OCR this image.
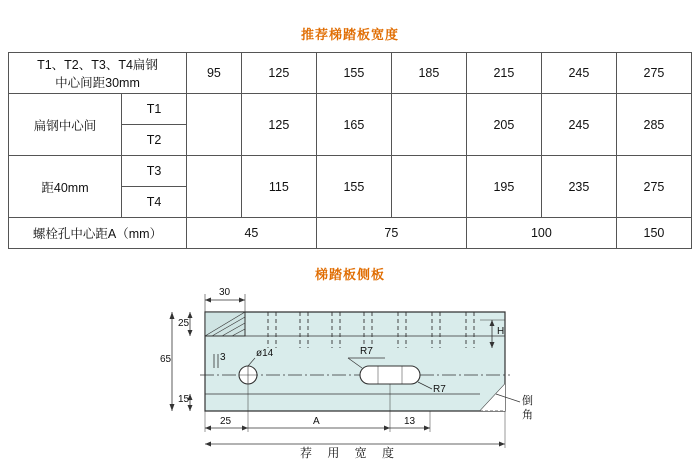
推荐梯踏板宽度
T1、T2、T3、T4扁钢
中心间距30mm		95	125	155	185	215	245	275

扁钢中心间	T1		125	165		205	245	285
	T2							

距40mm	T3		115	155		195	235	275
	T4							
螺栓孔中心距A（mm）		45		75		100		150
梯踏板侧板
30
25
65
15
3	ø14	R7
R7
H
25	A	13
倒
角
荐 用 宽 度
